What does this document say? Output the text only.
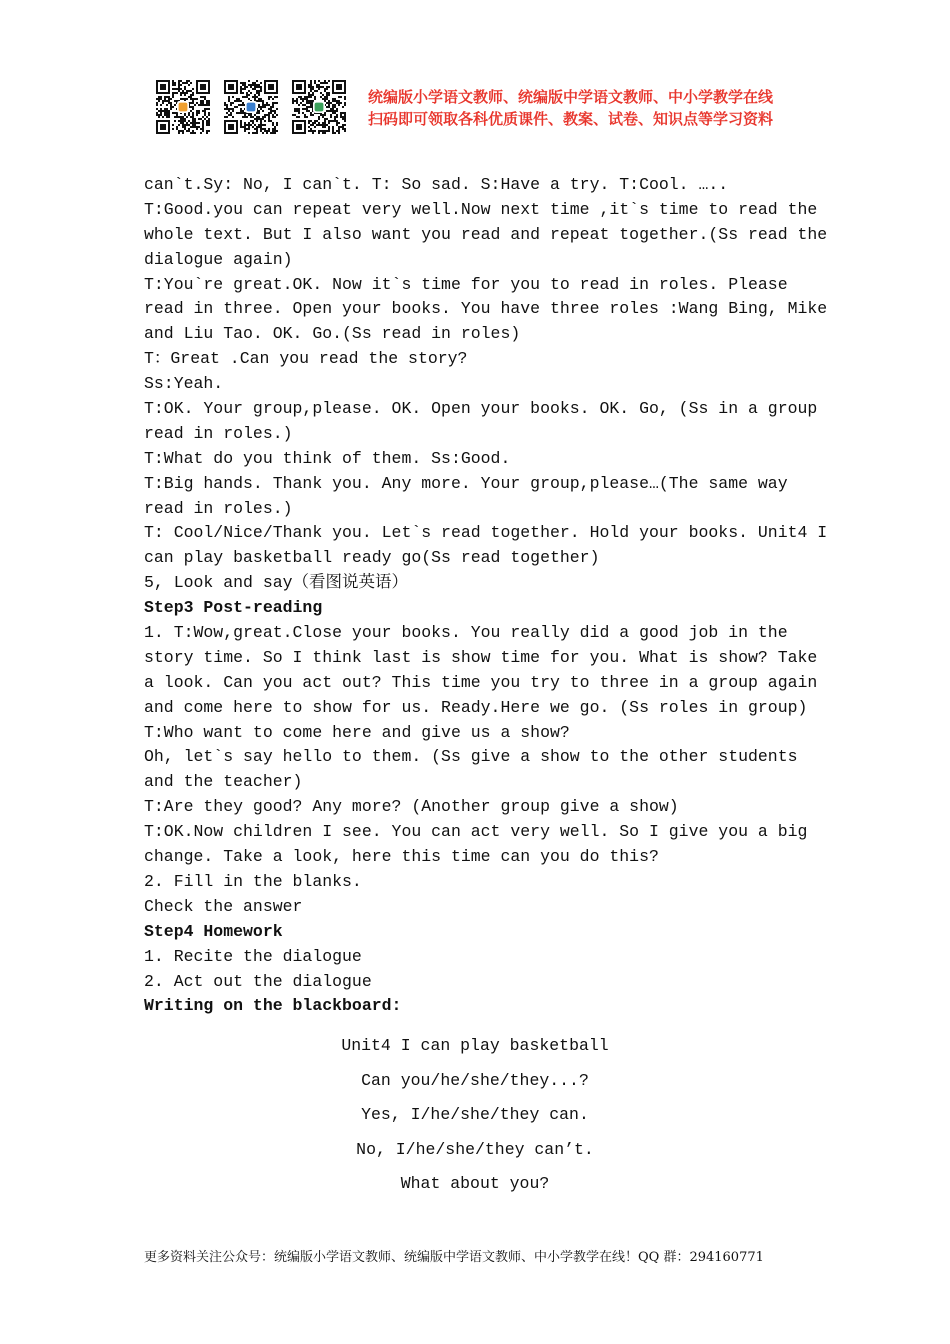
统编版小学语文教师、统编版中学语文教师、中小学教学在线
扫码即可领取各科优质课件、教案、试卷、知识点等学习资料
can`t.Sy: No, I can`t. T: So sad. S:Have a try. T:Cool. …..
T:Good.you can repeat very well.Now next time ,it`s time to read the
whole text. But I also want you read and repeat together.(Ss read the
dialogue again)
T:You`re great.OK. Now it`s time for you to read in roles. Please
read in three. Open your books. You have three roles :Wang Bing, Mike
and Liu Tao. OK. Go.(Ss read in roles)
T：Great .Can you read the story?
Ss:Yeah.
T:OK. Your group,please. OK. Open your books. OK. Go, (Ss in a group
read in roles.)
T:What do you think of them. Ss:Good.
T:Big hands. Thank you. Any more. Your group,please…(The same way
read in roles.)
T: Cool/Nice/Thank you. Let`s read together. Hold your books. Unit4 I
can play basketball ready go(Ss read together)
5, Look and say（看图说英语）
Step3 Post-reading
1. T:Wow,great.Close your books. You really did a good job in the
story time. So I think last is show time for you. What is show? Take
a look. Can you act out? This time you try to three in a group again
and come here to show for us. Ready.Here we go. (Ss roles in group)
T:Who want to come here and give us a show?
Oh, let`s say hello to them. (Ss give a show to the other students
and the teacher)
T:Are they good? Any more? (Another group give a show)
T:OK.Now children I see. You can act very well. So I give you a big
change. Take a look, here this time can you do this?
2. Fill in the blanks.
Check the answer
Step4 Homework
1. Recite the dialogue
2. Act out the dialogue
Writing on the blackboard:
Unit4 I can play basketball
Can you/he/she/they...?
Yes, I/he/she/they can.
No, I/he/she/they can’t.
What about you?
更多资料关注公众号：统编版小学语文教师、统编版中学语文教师、中小学教学在线！QQ 群：294160771
